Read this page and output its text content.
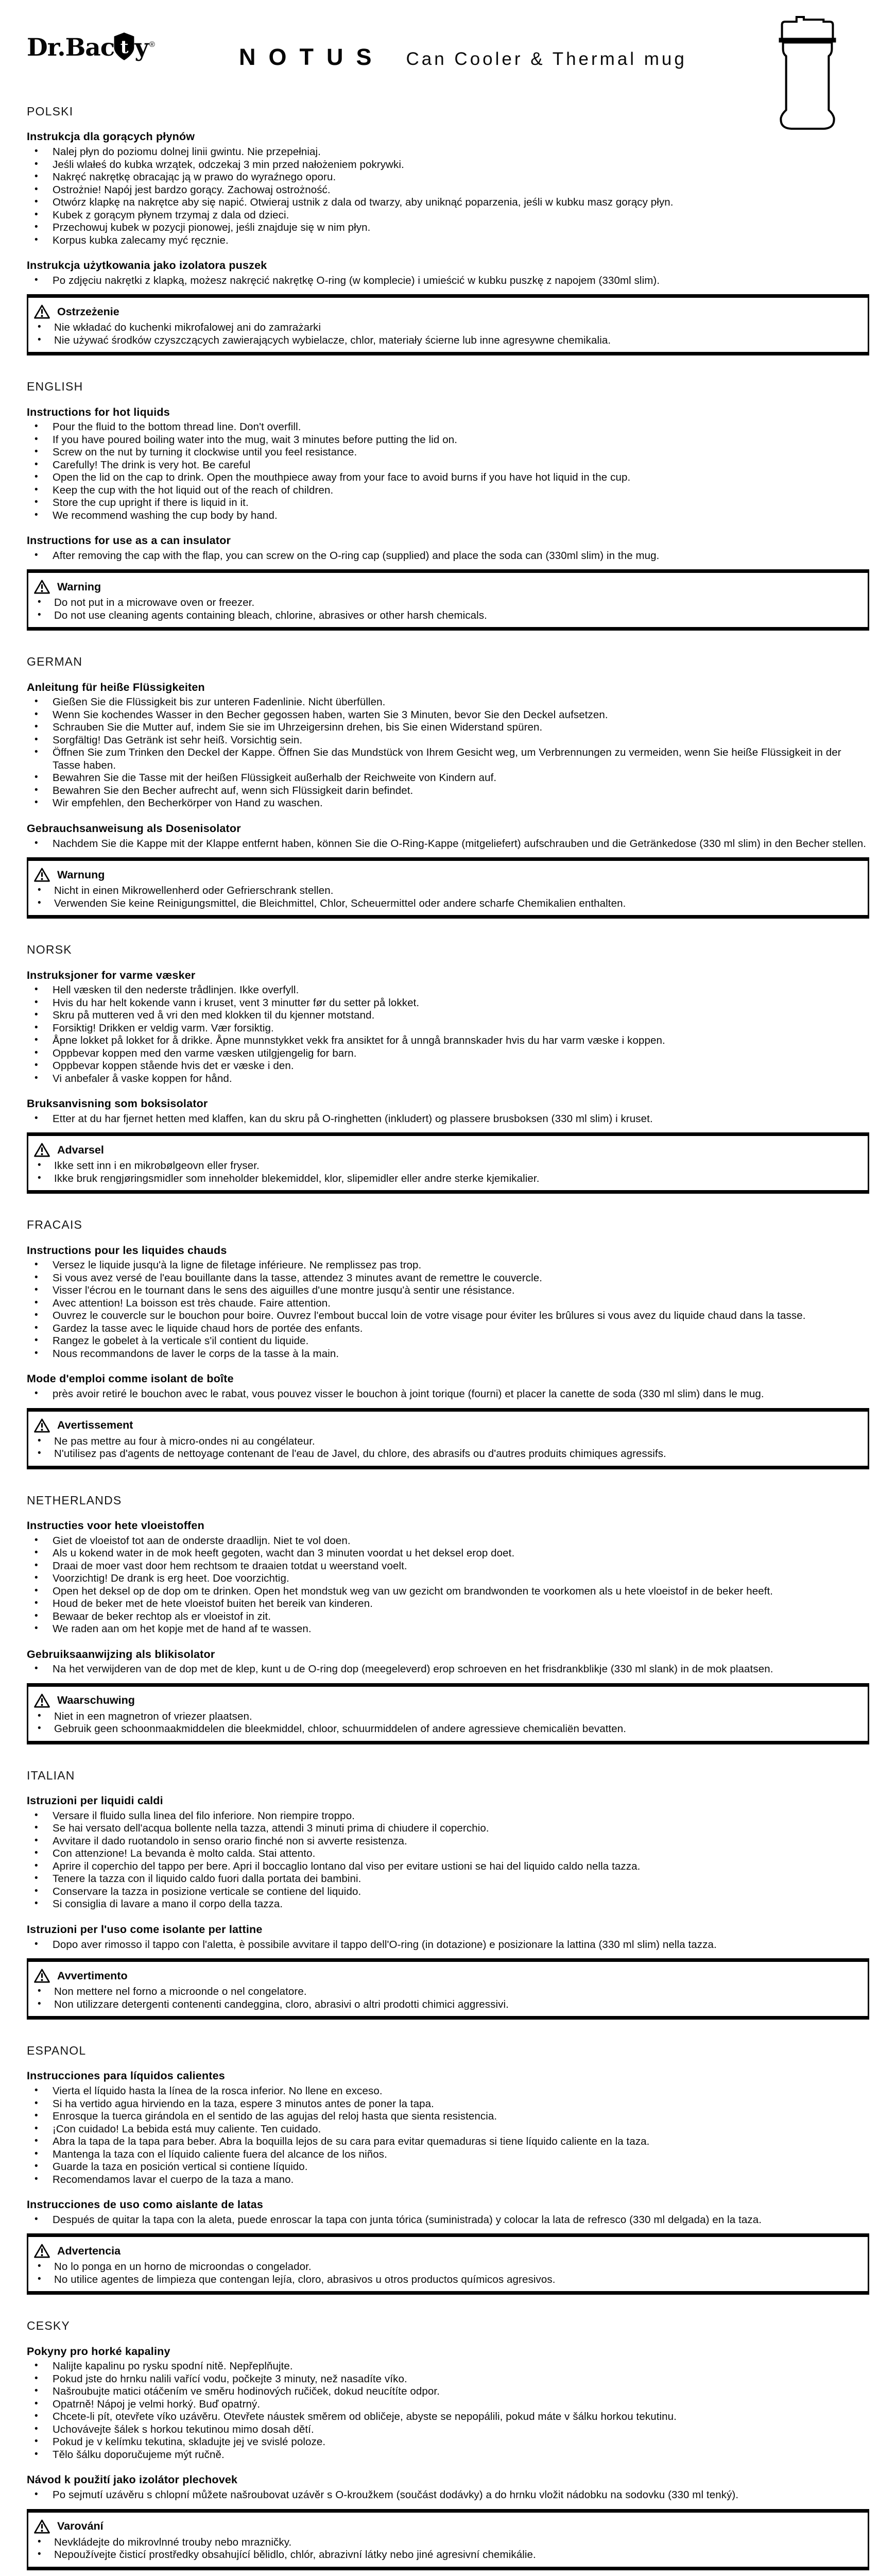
Dr.Bac t y®	NOTUS Can Cooler & Thermal mug
POLSKI
Instrukcja dla gorących płynów
• Nalej płyn do poziomu dolnej linii gwintu. Nie przepełniaj.
• Jeśli wlałeś do kubka wrzątek, odczekaj 3 min przed nałożeniem pokrywki.
• Nakręć nakrętkę obracając ją w prawo do wyraźnego oporu.
• Ostrożnie! Napój jest bardzo gorący. Zachowaj ostrożność.
• Otwórz klapkę na nakrętce aby się napić. Otwieraj ustnik z dala od twarzy, aby uniknąć poparzenia, jeśli w kubku masz gorący płyn.
• Kubek z gorącym płynem trzymaj z dala od dzieci.
• Przechowuj kubek w pozycji pionowej, jeśli znajduje się w nim płyn.
• Korpus kubka zalecamy myć ręcznie.
Instrukcja użytkowania jako izolatora puszek
• Po zdjęciu nakrętki z klapką, możesz nakręcić nakrętkę O-ring (w komplecie) i umieścić w kubku puszkę z napojem (330ml slim).
Ostrzeżenie
• Nie wkładać do kuchenki mikrofalowej ani do zamrażarki
• Nie używać środków czyszczących zawierających wybielacze, chlor, materiały ścierne lub inne agresywne chemikalia.
ENGLISH
Instructions for hot liquids
• Pour the fluid to the bottom thread line. Don't overfill.
• If you have poured boiling water into the mug, wait 3 minutes before putting the lid on.
• Screw on the nut by turning it clockwise until you feel resistance.
• Carefully! The drink is very hot. Be careful
• Open the lid on the cap to drink. Open the mouthpiece away from your face to avoid burns if you have hot liquid in the cup.
• Keep the cup with the hot liquid out of the reach of children.
• Store the cup upright if there is liquid in it.
• We recommend washing the cup body by hand.
Instructions for use as a can insulator
• After removing the cap with the flap, you can screw on the O-ring cap (supplied) and place the soda can (330ml slim) in the mug.
Warning
• Do not put in a microwave oven or freezer.
• Do not use cleaning agents containing bleach, chlorine, abrasives or other harsh chemicals.
GERMAN
Anleitung für heiße Flüssigkeiten
• Gießen Sie die Flüssigkeit bis zur unteren Fadenlinie. Nicht überfüllen.
• Wenn Sie kochendes Wasser in den Becher gegossen haben, warten Sie 3 Minuten, bevor Sie den Deckel aufsetzen.
• Schrauben Sie die Mutter auf, indem Sie sie im Uhrzeigersinn drehen, bis Sie einen Widerstand spüren.
• Sorgfältig! Das Getränk ist sehr heiß. Vorsichtig sein.
• Öffnen Sie zum Trinken den Deckel der Kappe. Öffnen Sie das Mundstück von Ihrem Gesicht weg, um Verbrennungen zu vermeiden, wenn Sie heiße Flüssigkeit in der Tasse haben.
• Bewahren Sie die Tasse mit der heißen Flüssigkeit außerhalb der Reichweite von Kindern auf.
• Bewahren Sie den Becher aufrecht auf, wenn sich Flüssigkeit darin befindet.
• Wir empfehlen, den Becherkörper von Hand zu waschen.
Gebrauchsanweisung als Dosenisolator
• Nachdem Sie die Kappe mit der Klappe entfernt haben, können Sie die O-Ring-Kappe (mitgeliefert) aufschrauben und die Getränkedose (330 ml slim) in den Becher stellen.
Warnung
• Nicht in einen Mikrowellenherd oder Gefrierschrank stellen.
• Verwenden Sie keine Reinigungsmittel, die Bleichmittel, Chlor, Scheuermittel oder andere scharfe Chemikalien enthalten.
NORSK
Instruksjoner for varme væsker
• Hell væsken til den nederste trådlinjen. Ikke overfyll.
• Hvis du har helt kokende vann i kruset, vent 3 minutter før du setter på lokket.
• Skru på mutteren ved å vri den med klokken til du kjenner motstand.
• Forsiktig! Drikken er veldig varm. Vær forsiktig.
• Åpne lokket på lokket for å drikke. Åpne munnstykket vekk fra ansiktet for å unngå brannskader hvis du har varm væske i koppen.
• Oppbevar koppen med den varme væsken utilgjengelig for barn.
• Oppbevar koppen stående hvis det er væske i den.
• Vi anbefaler å vaske koppen for hånd.
Bruksanvisning som boksisolator
• Etter at du har fjernet hetten med klaffen, kan du skru på O-ringhetten (inkludert) og plassere brusboksen (330 ml slim) i kruset.
Advarsel
• Ikke sett inn i en mikrobølgeovn eller fryser.
• Ikke bruk rengjøringsmidler som inneholder blekemiddel, klor, slipemidler eller andre sterke kjemikalier.
FRACAIS
Instructions pour les liquides chauds
• Versez le liquide jusqu'à la ligne de filetage inférieure. Ne remplissez pas trop.
• Si vous avez versé de l'eau bouillante dans la tasse, attendez 3 minutes avant de remettre le couvercle.
• Visser l'écrou en le tournant dans le sens des aiguilles d'une montre jusqu'à sentir une résistance.
• Avec attention! La boisson est très chaude. Faire attention.
• Ouvrez le couvercle sur le bouchon pour boire. Ouvrez l'embout buccal loin de votre visage pour éviter les brûlures si vous avez du liquide chaud dans la tasse.
• Gardez la tasse avec le liquide chaud hors de portée des enfants.
• Rangez le gobelet à la verticale s'il contient du liquide.
• Nous recommandons de laver le corps de la tasse à la main.
Mode d'emploi comme isolant de boîte
• près avoir retiré le bouchon avec le rabat, vous pouvez visser le bouchon à joint torique (fourni) et placer la canette de soda (330 ml slim) dans le mug.
Avertissement
• Ne pas mettre au four à micro-ondes ni au congélateur.
• N'utilisez pas d'agents de nettoyage contenant de l'eau de Javel, du chlore, des abrasifs ou d'autres produits chimiques agressifs.
NETHERLANDS
Instructies voor hete vloeistoffen
• Giet de vloeistof tot aan de onderste draadlijn. Niet te vol doen.
• Als u kokend water in de mok heeft gegoten, wacht dan 3 minuten voordat u het deksel erop doet.
• Draai de moer vast door hem rechtsom te draaien totdat u weerstand voelt.
• Voorzichtig! De drank is erg heet. Doe voorzichtig.
• Open het deksel op de dop om te drinken. Open het mondstuk weg van uw gezicht om brandwonden te voorkomen als u hete vloeistof in de beker heeft.
• Houd de beker met de hete vloeistof buiten het bereik van kinderen.
• Bewaar de beker rechtop als er vloeistof in zit.
• We raden aan om het kopje met de hand af te wassen.
Gebruiksaanwijzing als blikisolator
• Na het verwijderen van de dop met de klep, kunt u de O-ring dop (meegeleverd) erop schroeven en het frisdrankblikje (330 ml slank) in de mok plaatsen.
Waarschuwing
• Niet in een magnetron of vriezer plaatsen.
• Gebruik geen schoonmaakmiddelen die bleekmiddel, chloor, schuurmiddelen of andere agressieve chemicaliën bevatten.
ITALIAN
Istruzioni per liquidi caldi
• Versare il fluido sulla linea del filo inferiore. Non riempire troppo.
• Se hai versato dell'acqua bollente nella tazza, attendi 3 minuti prima di chiudere il coperchio.
• Avvitare il dado ruotandolo in senso orario finché non si avverte resistenza.
• Con attenzione! La bevanda è molto calda. Stai attento.
• Aprire il coperchio del tappo per bere. Apri il boccaglio lontano dal viso per evitare ustioni se hai del liquido caldo nella tazza.
• Tenere la tazza con il liquido caldo fuori dalla portata dei bambini.
• Conservare la tazza in posizione verticale se contiene del liquido.
• Si consiglia di lavare a mano il corpo della tazza.
Istruzioni per l'uso come isolante per lattine
• Dopo aver rimosso il tappo con l'aletta, è possibile avvitare il tappo dell'O-ring (in dotazione) e posizionare la lattina (330 ml slim) nella tazza.
Avvertimento
• Non mettere nel forno a microonde o nel congelatore.
• Non utilizzare detergenti contenenti candeggina, cloro, abrasivi o altri prodotti chimici aggressivi.
ESPANOL
Instrucciones para líquidos calientes
• Vierta el líquido hasta la línea de la rosca inferior. No llene en exceso.
• Si ha vertido agua hirviendo en la taza, espere 3 minutos antes de poner la tapa.
• Enrosque la tuerca girándola en el sentido de las agujas del reloj hasta que sienta resistencia.
• ¡Con cuidado! La bebida está muy caliente. Ten cuidado.
• Abra la tapa de la tapa para beber. Abra la boquilla lejos de su cara para evitar quemaduras si tiene líquido caliente en la taza.
• Mantenga la taza con el líquido caliente fuera del alcance de los niños.
• Guarde la taza en posición vertical si contiene líquido.
• Recomendamos lavar el cuerpo de la taza a mano.
Instrucciones de uso como aislante de latas
• Después de quitar la tapa con la aleta, puede enroscar la tapa con junta tórica (suministrada) y colocar la lata de refresco (330 ml delgada) en la taza.
Advertencia
• No lo ponga en un horno de microondas o congelador.
• No utilice agentes de limpieza que contengan lejía, cloro, abrasivos u otros productos químicos agresivos.
CESKY
Pokyny pro horké kapaliny
• Nalijte kapalinu po rysku spodní nitě. Nepřeplňujte.
• Pokud jste do hrnku nalili vařící vodu, počkejte 3 minuty, než nasadíte víko.
• Našroubujte matici otáčením ve směru hodinových ručiček, dokud neucítíte odpor.
• Opatrně! Nápoj je velmi horký. Buď opatrný.
• Chcete-li pít, otevřete víko uzávěru. Otevřete náustek směrem od obličeje, abyste se nepopálili, pokud máte v šálku horkou tekutinu.
• Uchovávejte šálek s horkou tekutinou mimo dosah dětí.
• Pokud je v kelímku tekutina, skladujte jej ve svislé poloze.
• Tělo šálku doporučujeme mýt ručně.
Návod k použití jako izolátor plechovek
• Po sejmutí uzávěru s chlopní můžete našroubovat uzávěr s O-kroužkem (součást dodávky) a do hrnku vložit nádobku na sodovku (330 ml tenký).
Varování
• Nevkládejte do mikrovlnné trouby nebo mrazničky.
• Nepoužívejte čisticí prostředky obsahující bělidlo, chlór, abrazivní látky nebo jiné agresivní chemikálie.
